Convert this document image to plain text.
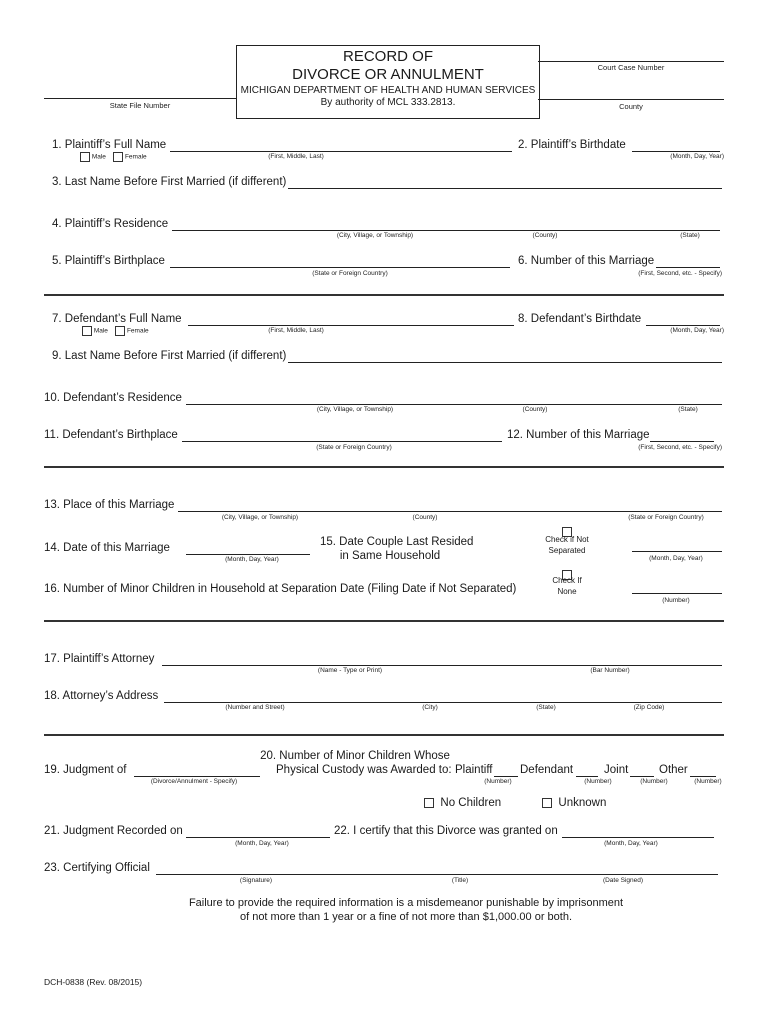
RECORD OF
DIVORCE OR ANNULMENT
MICHIGAN DEPARTMENT OF HEALTH AND HUMAN SERVICES
By authority of MCL 333.2813.
Court Case Number
State File Number	County
1. Plaintiff’s Full Name
Male	Female	(First, Middle, Last)
2. Plaintiff’s Birthdate
(Month, Day, Year)
3. Last Name Before First Married (if different)
4. Plaintiff’s Residence
(City, Village, or Township)	(County)	(State)
5. Plaintiff’s Birthplace
(State or Foreign Country)
6. Number of this Marriage
(First, Second, etc. - Specify)
7. Defendant’s Full Name
Male	Female	(First, Middle, Last)
8. Defendant’s Birthdate
(Month, Day, Year)
9. Last Name Before First Married (if different)
10. Defendant’s Residence
(City, Village, or Township)	(County)	(State)
11. Defendant’s Birthplace
(State or Foreign Country)
12. Number of this Marriage
(First, Second, etc. - Specify)
13. Place of this Marriage
(City, Village, or Township)	(County)	(State or Foreign Country)
14. Date of this Marriage
(Month, Day, Year)
15. Date Couple Last Resided
in Same Household
Check if Not
Separated
(Month, Day, Year)
Check If
None
16. Number of Minor Children in Household at Separation Date (Filing Date if Not Separated)
(Number)
17. Plaintiff’s Attorney
(Name - Type or Print)	(Bar Number)
18. Attorney’s Address
(Number and Street)	(City)	(State)	(Zip Code)
20. Number of Minor Children Whose
19. Judgment of
(Divorce/Annulment - Specify)
Physical Custody was Awarded to: Plaintiff Defendant	Joint	Other
(Number)	(Number)	(Number)	(Number)
No Children	Unknown
21. Judgment Recorded on
(Month, Day, Year)
22. I certify that this Divorce was granted on
(Month, Day, Year)
23. Certifying Official
(Signature)	(Title)	(Date Signed)
Failure to provide the required information is a misdemeanor punishable by imprisonment
of not more than 1 year or a fine of not more than $1,000.00 or both.
DCH-0838 (Rev. 08/2015)
